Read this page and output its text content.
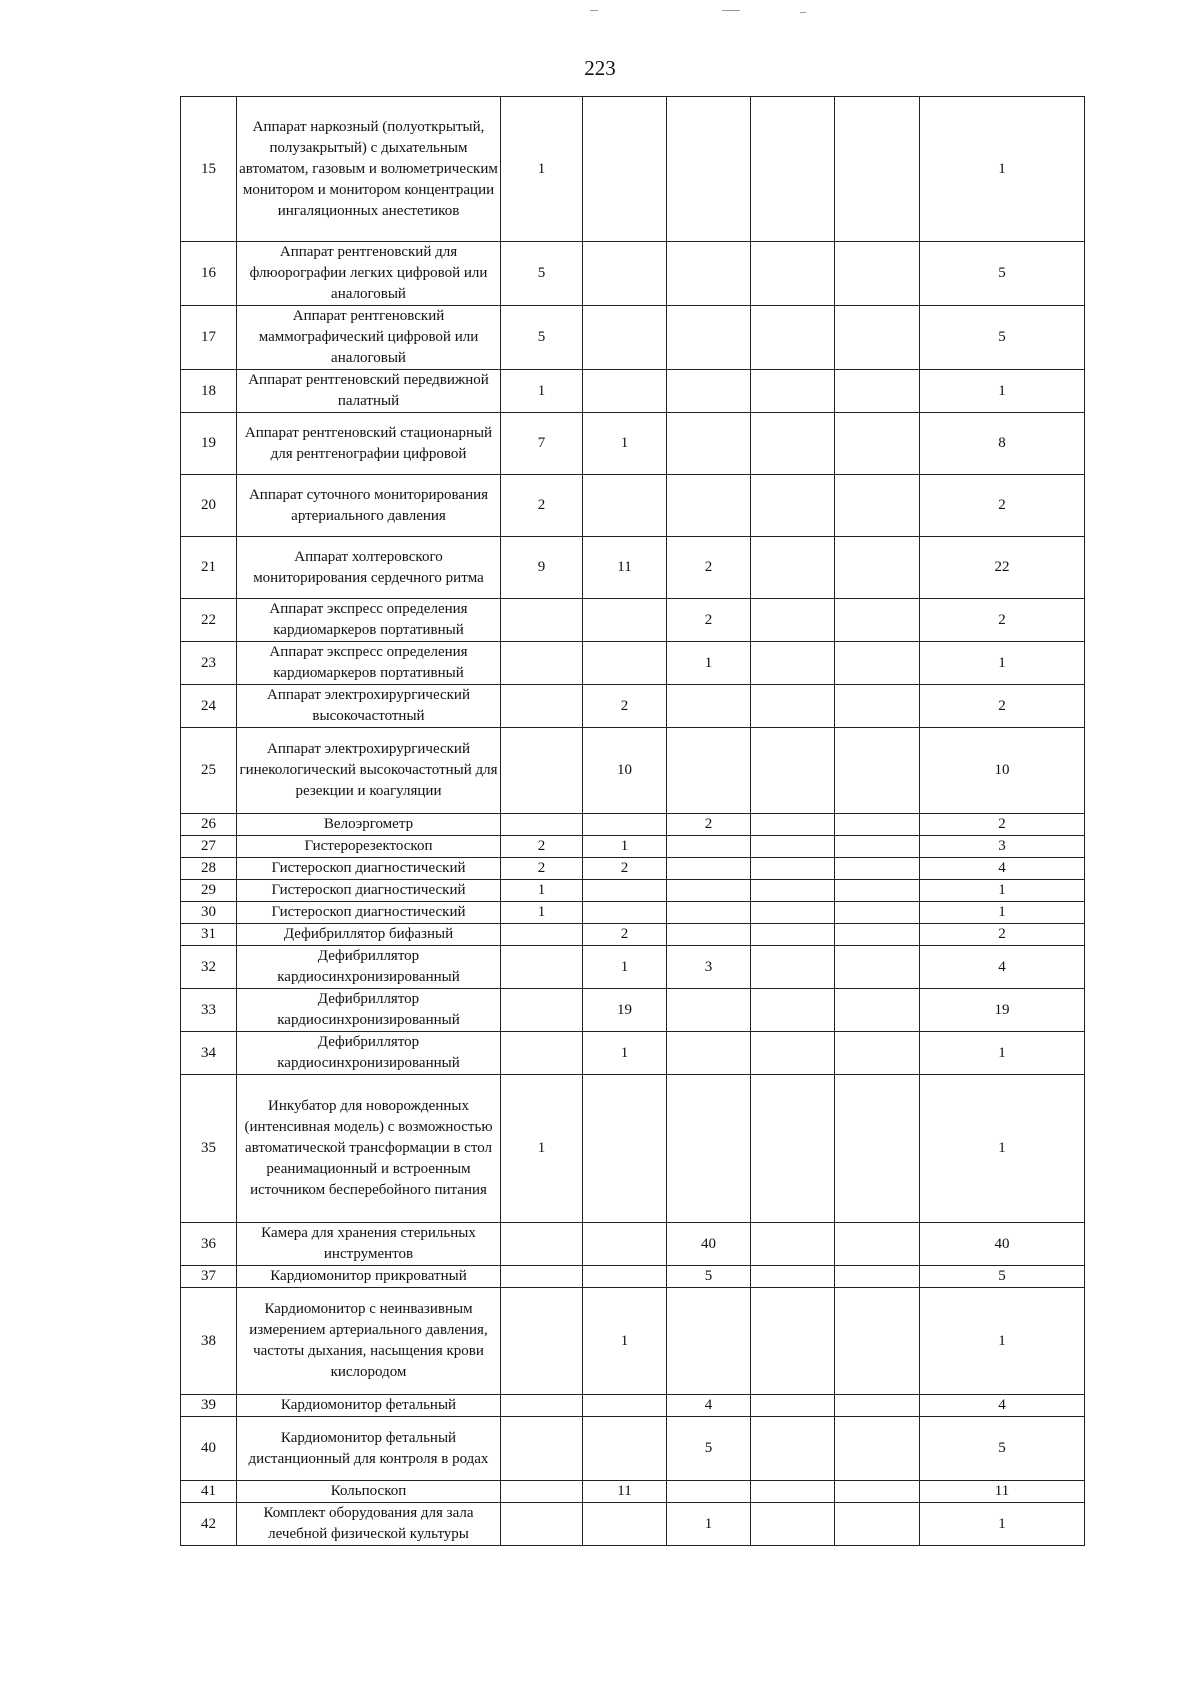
223
15	Аппарат наркозный (полуоткрытый, полузакрытый) с дыхательным автоматом, газовым и волюметрическим монитором и монитором концентрации ингаляционных анестетиков	1					1
16	Аппарат рентгеновский для флюорографии легких цифровой или аналоговый	5					5
17	Аппарат рентгеновский маммографический цифровой или аналоговый	5					5
18	Аппарат рентгеновский передвижной палатный	1					1
19	Аппарат рентгеновский стационарный для рентгенографии цифровой	7	1				8
20	Аппарат суточного мониторирования артериального давления	2					2
21	Аппарат холтеровского мониторирования сердечного ритма	9	11	2			22
22	Аппарат экспресс определения кардиомаркеров портативный			2			2
23	Аппарат экспресс определения кардиомаркеров портативный			1			1
24	Аппарат электрохирургический высокочастотный		2				2
25	Аппарат электрохирургический гинекологический высокочастотный для резекции и коагуляции		10				10
26	Велоэргометр			2			2
27	Гистерорезектоскоп	2	1				3
28	Гистероскоп диагностический	2	2				4
29	Гистероскоп диагностический	1					1
30	Гистероскоп диагностический	1					1
31	Дефибриллятор бифазный		2				2
32	Дефибриллятор кардиосинхронизированный		1	3			4
33	Дефибриллятор кардиосинхронизированный		19				19
34	Дефибриллятор кардиосинхронизированный		1				1
35	Инкубатор для новорожденных (интенсивная модель) с возможностью автоматической трансформации в стол реанимационный и встроенным источником бесперебойного питания	1					1
36	Камера для хранения стерильных инструментов			40			40
37	Кардиомонитор прикроватный			5			5
38	Кардиомонитор с неинвазивным измерением артериального давления, частоты дыхания, насыщения крови кислородом		1				1
39	Кардиомонитор фетальный			4			4
40	Кардиомонитор фетальный дистанционный для контроля в родах			5			5
41	Кольпоскоп		11				11
42	Комплект оборудования для зала лечебной физической культуры			1			1
